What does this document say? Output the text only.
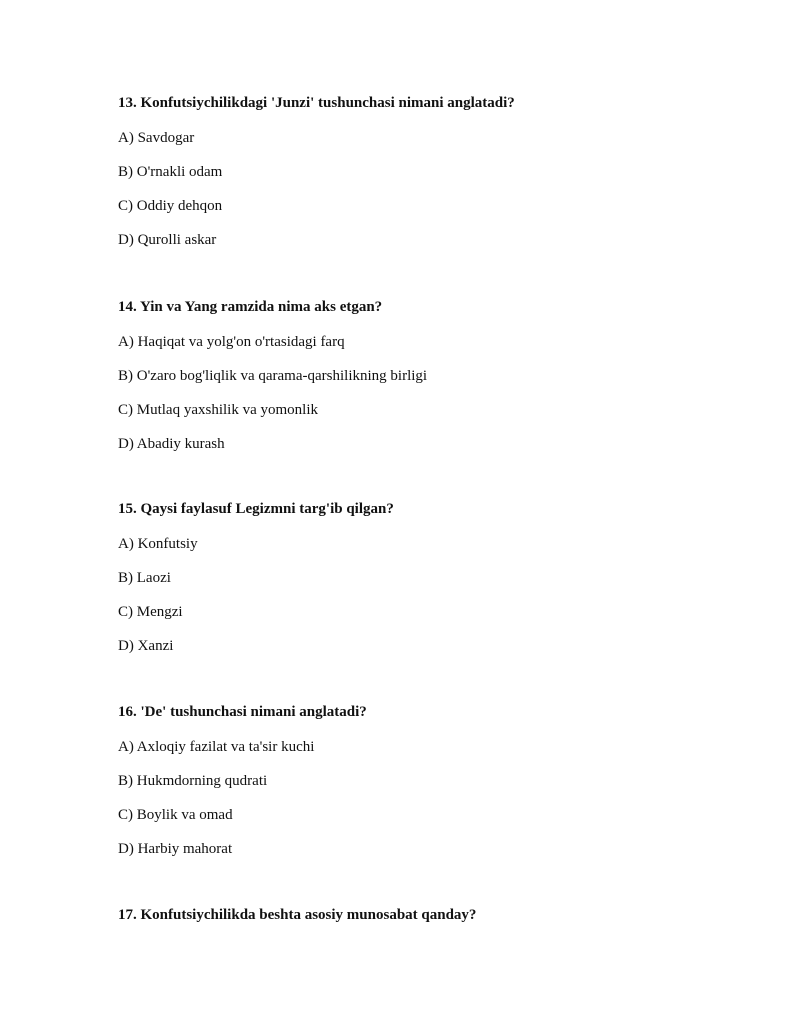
13. Konfutsiychilikdagi 'Junzi' tushunchasi nimani anglatadi?

A) Savdogar

B) O'rnakli odam

C) Oddiy dehqon

D) Qurolli askar

14. Yin va Yang ramzida nima aks etgan?

A) Haqiqat va yolg'on o'rtasidagi farq

B) O'zaro bog'liqlik va qarama-qarshilikning birligi

C) Mutlaq yaxshilik va yomonlik

D) Abadiy kurash

15. Qaysi faylasuf Legizmni targ'ib qilgan?

A) Konfutsiy

B) Laozi

C) Mengzi

D) Xanzi

16. 'De' tushunchasi nimani anglatadi?

A) Axloqiy fazilat va ta'sir kuchi

B) Hukmdorning qudrati

C) Boylik va omad

D) Harbiy mahorat

17. Konfutsiychilikda beshta asosiy munosabat qanday?
